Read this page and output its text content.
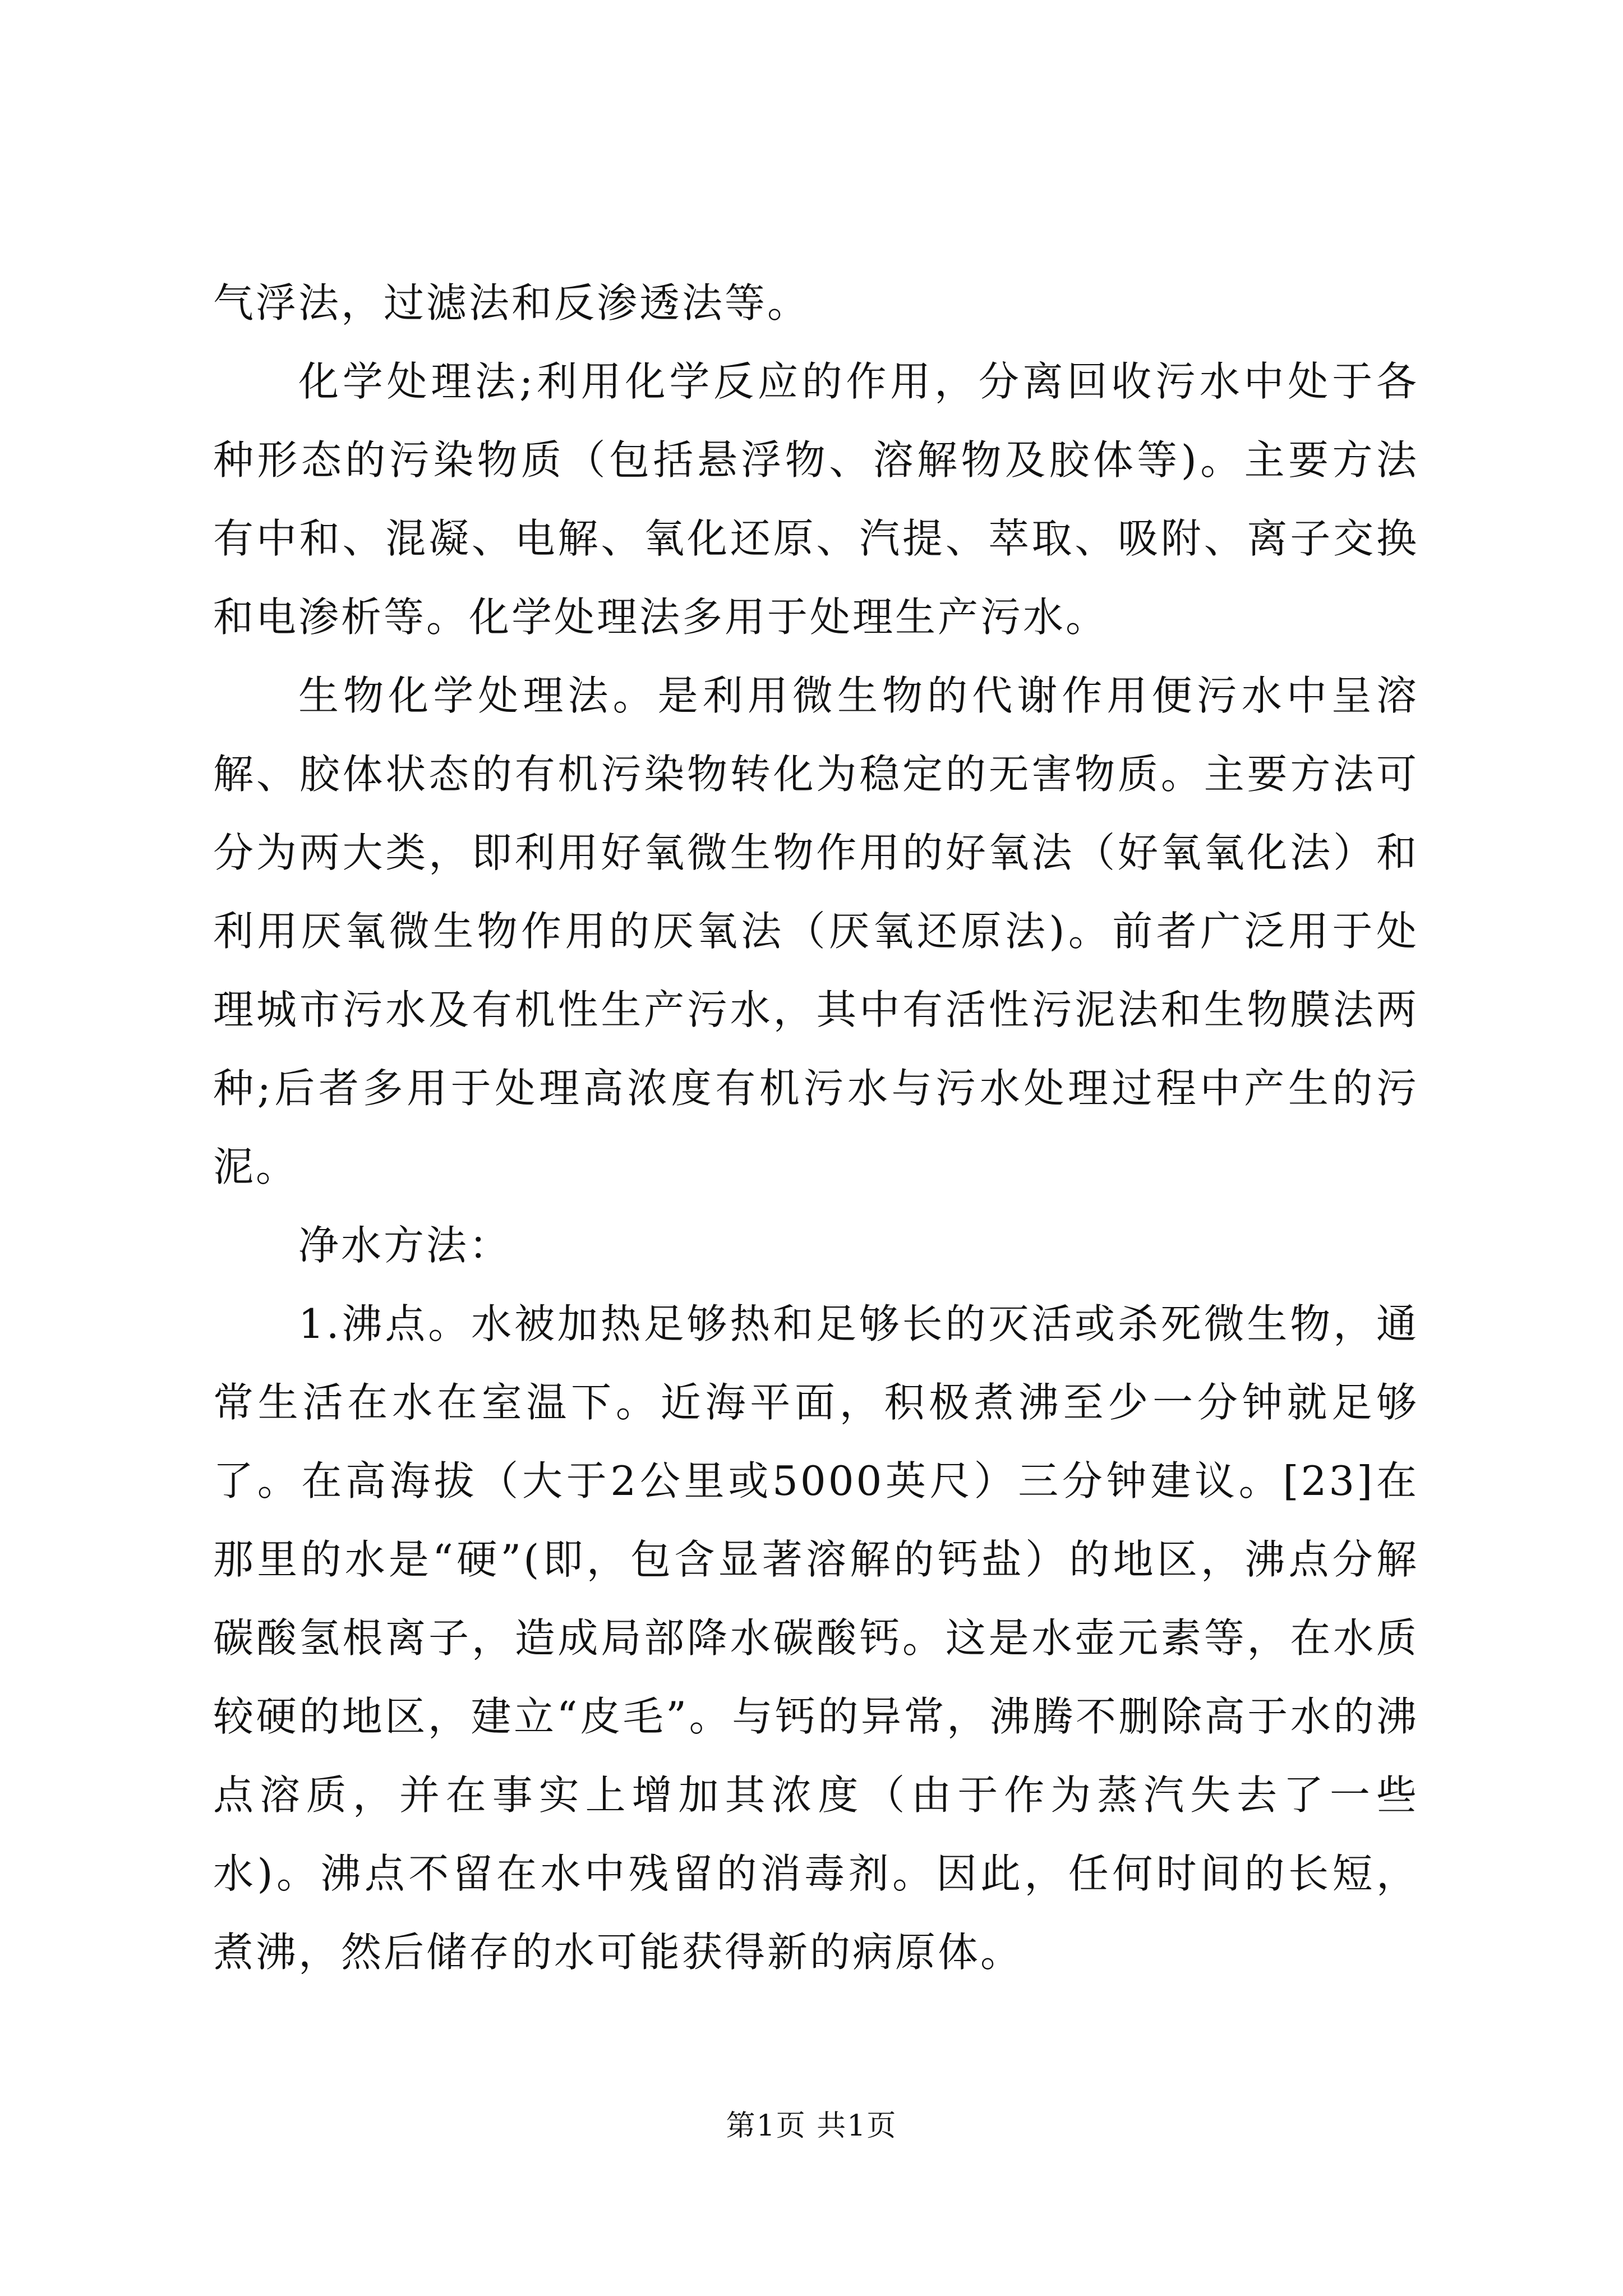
气浮法，过滤法和反渗透法等。

化学处理法;利用化学反应的作用，分离回收污水中处于各种形态的污染物质（包括悬浮物、溶解物及胶体等)。主要方法有中和、混凝、电解、氧化还原、汽提、萃取、吸附、离子交换和电渗析等。化学处理法多用于处理生产污水。

生物化学处理法。是利用微生物的代谢作用便污水中呈溶解、胶体状态的有机污染物转化为稳定的无害物质。主要方法可分为两大类，即利用好氧微生物作用的好氧法（好氧氧化法）和利用厌氧微生物作用的厌氧法（厌氧还原法)。前者广泛用于处理城市污水及有机性生产污水，其中有活性污泥法和生物膜法两种;后者多用于处理高浓度有机污水与污水处理过程中产生的污泥。

净水方法：

1.沸点。水被加热足够热和足够长的灭活或杀死微生物，通常生活在水在室温下。近海平面，积极煮沸至少一分钟就足够了。在高海拔（大于2公里或5000英尺）三分钟建议。[23]在那里的水是“硬”(即，包含显著溶解的钙盐）的地区，沸点分解碳酸氢根离子，造成局部降水碳酸钙。这是水壶元素等，在水质较硬的地区，建立“皮毛”。与钙的异常，沸腾不删除高于水的沸点溶质，并在事实上增加其浓度（由于作为蒸汽失去了一些水)。沸点不留在水中残留的消毒剂。因此，任何时间的长短，煮沸，然后储存的水可能获得新的病原体。

第1页 共1页
